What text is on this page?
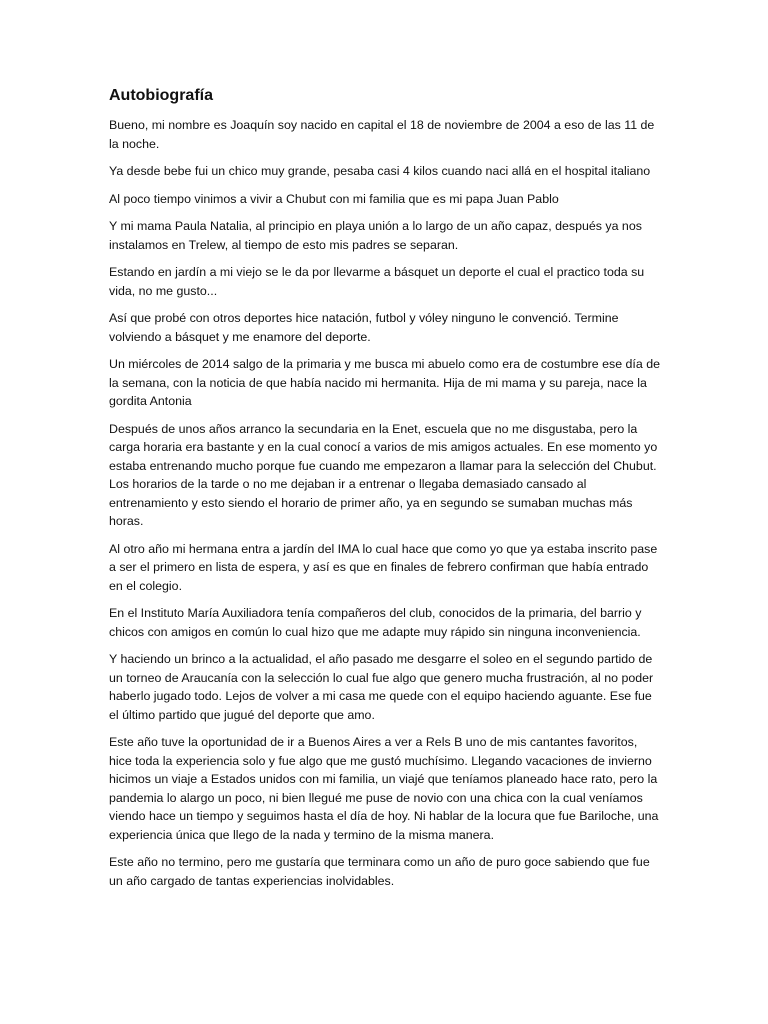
Autobiografía

Bueno, mi nombre es Joaquín soy nacido en capital el 18 de noviembre de 2004 a eso de las 11 de la noche.

Ya desde bebe fui un chico muy grande, pesaba casi 4 kilos cuando naci allá en el hospital italiano

Al poco tiempo vinimos a vivir a Chubut con mi familia que es mi papa Juan Pablo

Y mi mama Paula Natalia, al principio en playa unión a lo largo de un año capaz, después ya nos instalamos en Trelew, al tiempo de esto mis padres se separan.

Estando en jardín a mi viejo se le da por llevarme a básquet un deporte el cual el practico toda su vida, no me gusto...

Así que probé con otros deportes hice natación, futbol y vóley ninguno le convenció. Termine volviendo a básquet y me enamore del deporte.

Un miércoles de 2014 salgo de la primaria y me busca mi abuelo como era de costumbre ese día de la semana, con la noticia de que había nacido mi hermanita. Hija de mi mama y su pareja, nace la gordita Antonia

Después de unos años arranco la secundaria en la Enet, escuela que no me disgustaba, pero la carga horaria era bastante y en la cual conocí a varios de mis amigos actuales. En ese momento yo estaba entrenando mucho porque fue cuando me empezaron a llamar para la selección del Chubut. Los horarios de la tarde o no me dejaban ir a entrenar o llegaba demasiado cansado al entrenamiento y esto siendo el horario de primer año, ya en segundo se sumaban muchas más horas.

Al otro año mi hermana entra a jardín del IMA lo cual hace que como yo que ya estaba inscrito pase a ser el primero en lista de espera, y así es que en finales de febrero confirman que había entrado en el colegio.

En el Instituto María Auxiliadora tenía compañeros del club, conocidos de la primaria, del barrio y chicos con amigos en común lo cual hizo que me adapte muy rápido sin ninguna inconveniencia.

Y haciendo un brinco a la actualidad, el año pasado me desgarre el soleo en el segundo partido de un torneo de Araucanía con la selección lo cual fue algo que genero mucha frustración, al no poder haberlo jugado todo. Lejos de volver a mi casa me quede con el equipo haciendo aguante. Ese fue el último partido que jugué del deporte que amo.

Este año tuve la oportunidad de ir a Buenos Aires a ver a Rels B uno de mis cantantes favoritos, hice toda la experiencia solo y fue algo que me gustó muchísimo. Llegando vacaciones de invierno hicimos un viaje a Estados unidos con mi familia, un viajé que teníamos planeado hace rato, pero la pandemia lo alargo un poco, ni bien llegué me puse de novio con una chica con la cual veníamos viendo hace un tiempo y seguimos hasta el día de hoy. Ni hablar de la locura que fue Bariloche, una experiencia única que llego de la nada y termino de la misma manera.

Este año no termino, pero me gustaría que terminara como un año de puro goce sabiendo que fue un año cargado de tantas experiencias inolvidables.
